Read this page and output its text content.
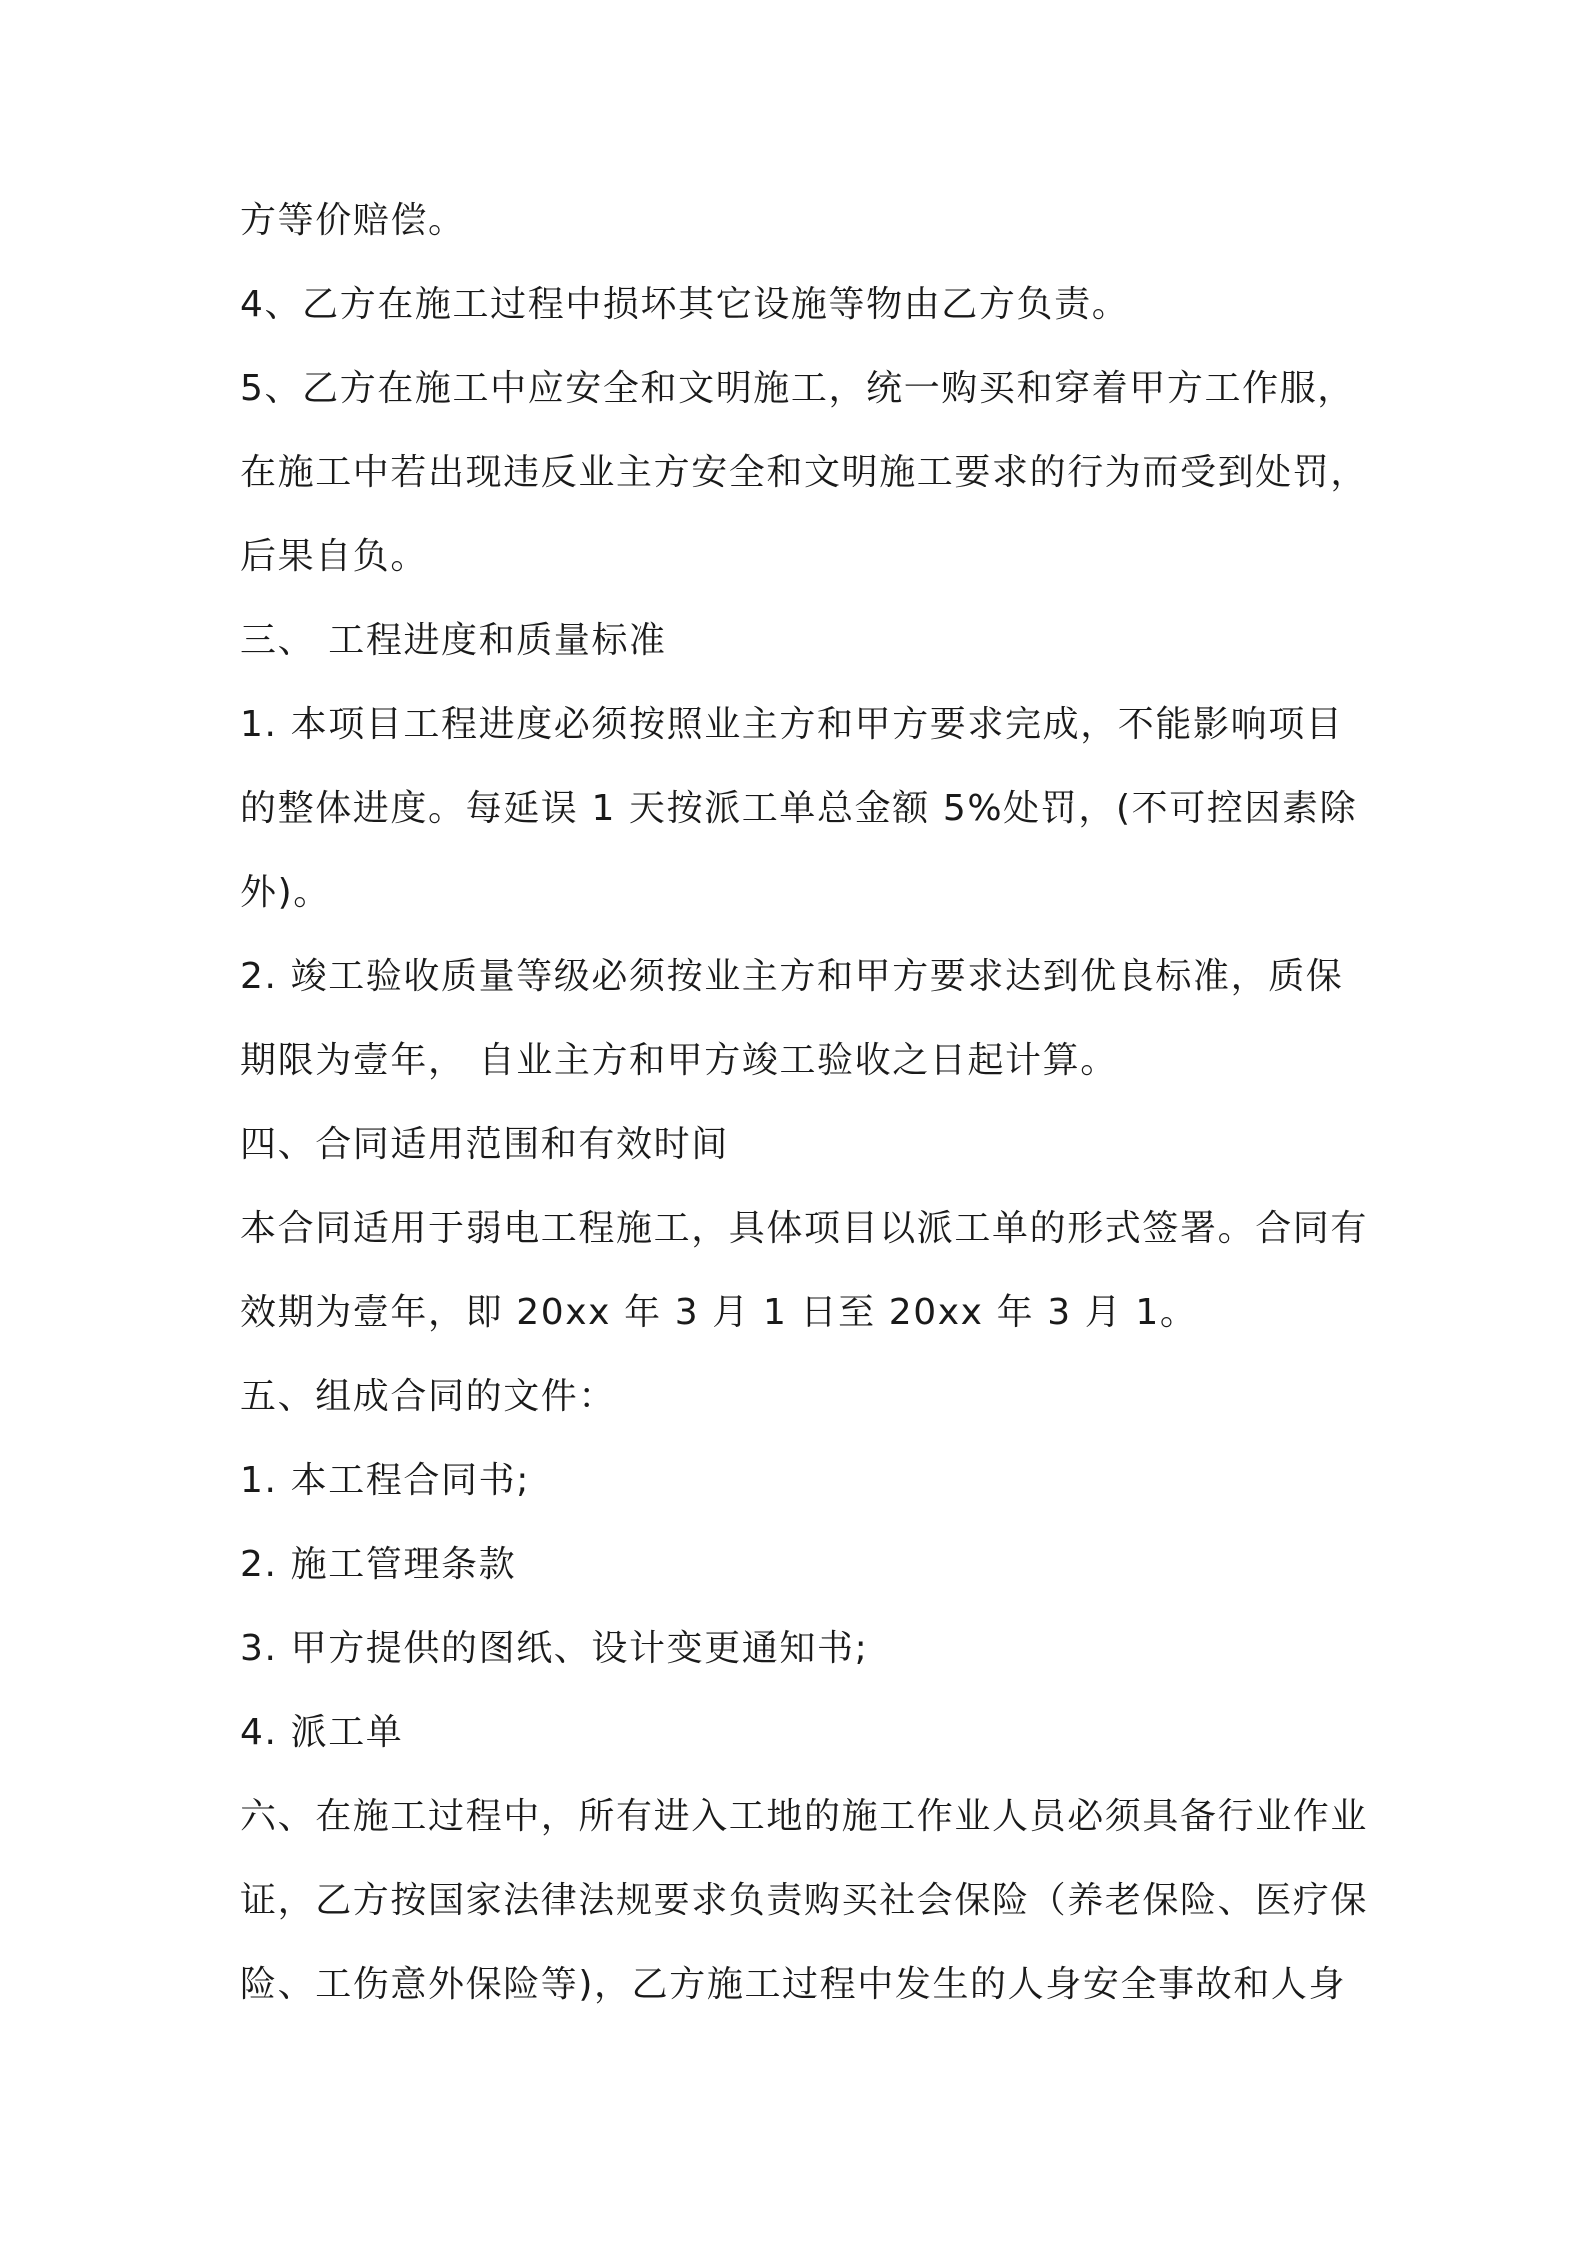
方等价赔偿。

4、乙方在施工过程中损坏其它设施等物由乙方负责。

5、乙方在施工中应安全和文明施工，统一购买和穿着甲方工作服，

在施工中若出现违反业主方安全和文明施工要求的行为而受到处罚，

后果自负。

三、 工程进度和质量标准

1. 本项目工程进度必须按照业主方和甲方要求完成，不能影响项目

的整体进度。每延误 1 天按派工单总金额 5%处罚，(不可控因素除

外)。

2. 竣工验收质量等级必须按业主方和甲方要求达到优良标准，质保

期限为壹年， 自业主方和甲方竣工验收之日起计算。

四、合同适用范围和有效时间

本合同适用于弱电工程施工，具体项目以派工单的形式签署。合同有

效期为壹年，即 20xx 年 3 月 1 日至 20xx 年 3 月 1。

五、组成合同的文件：

1. 本工程合同书;

2. 施工管理条款

3. 甲方提供的图纸、设计变更通知书;

4. 派工单

六、在施工过程中，所有进入工地的施工作业人员必须具备行业作业

证，乙方按国家法律法规要求负责购买社会保险（养老保险、医疗保

险、工伤意外保险等)，乙方施工过程中发生的人身安全事故和人身
